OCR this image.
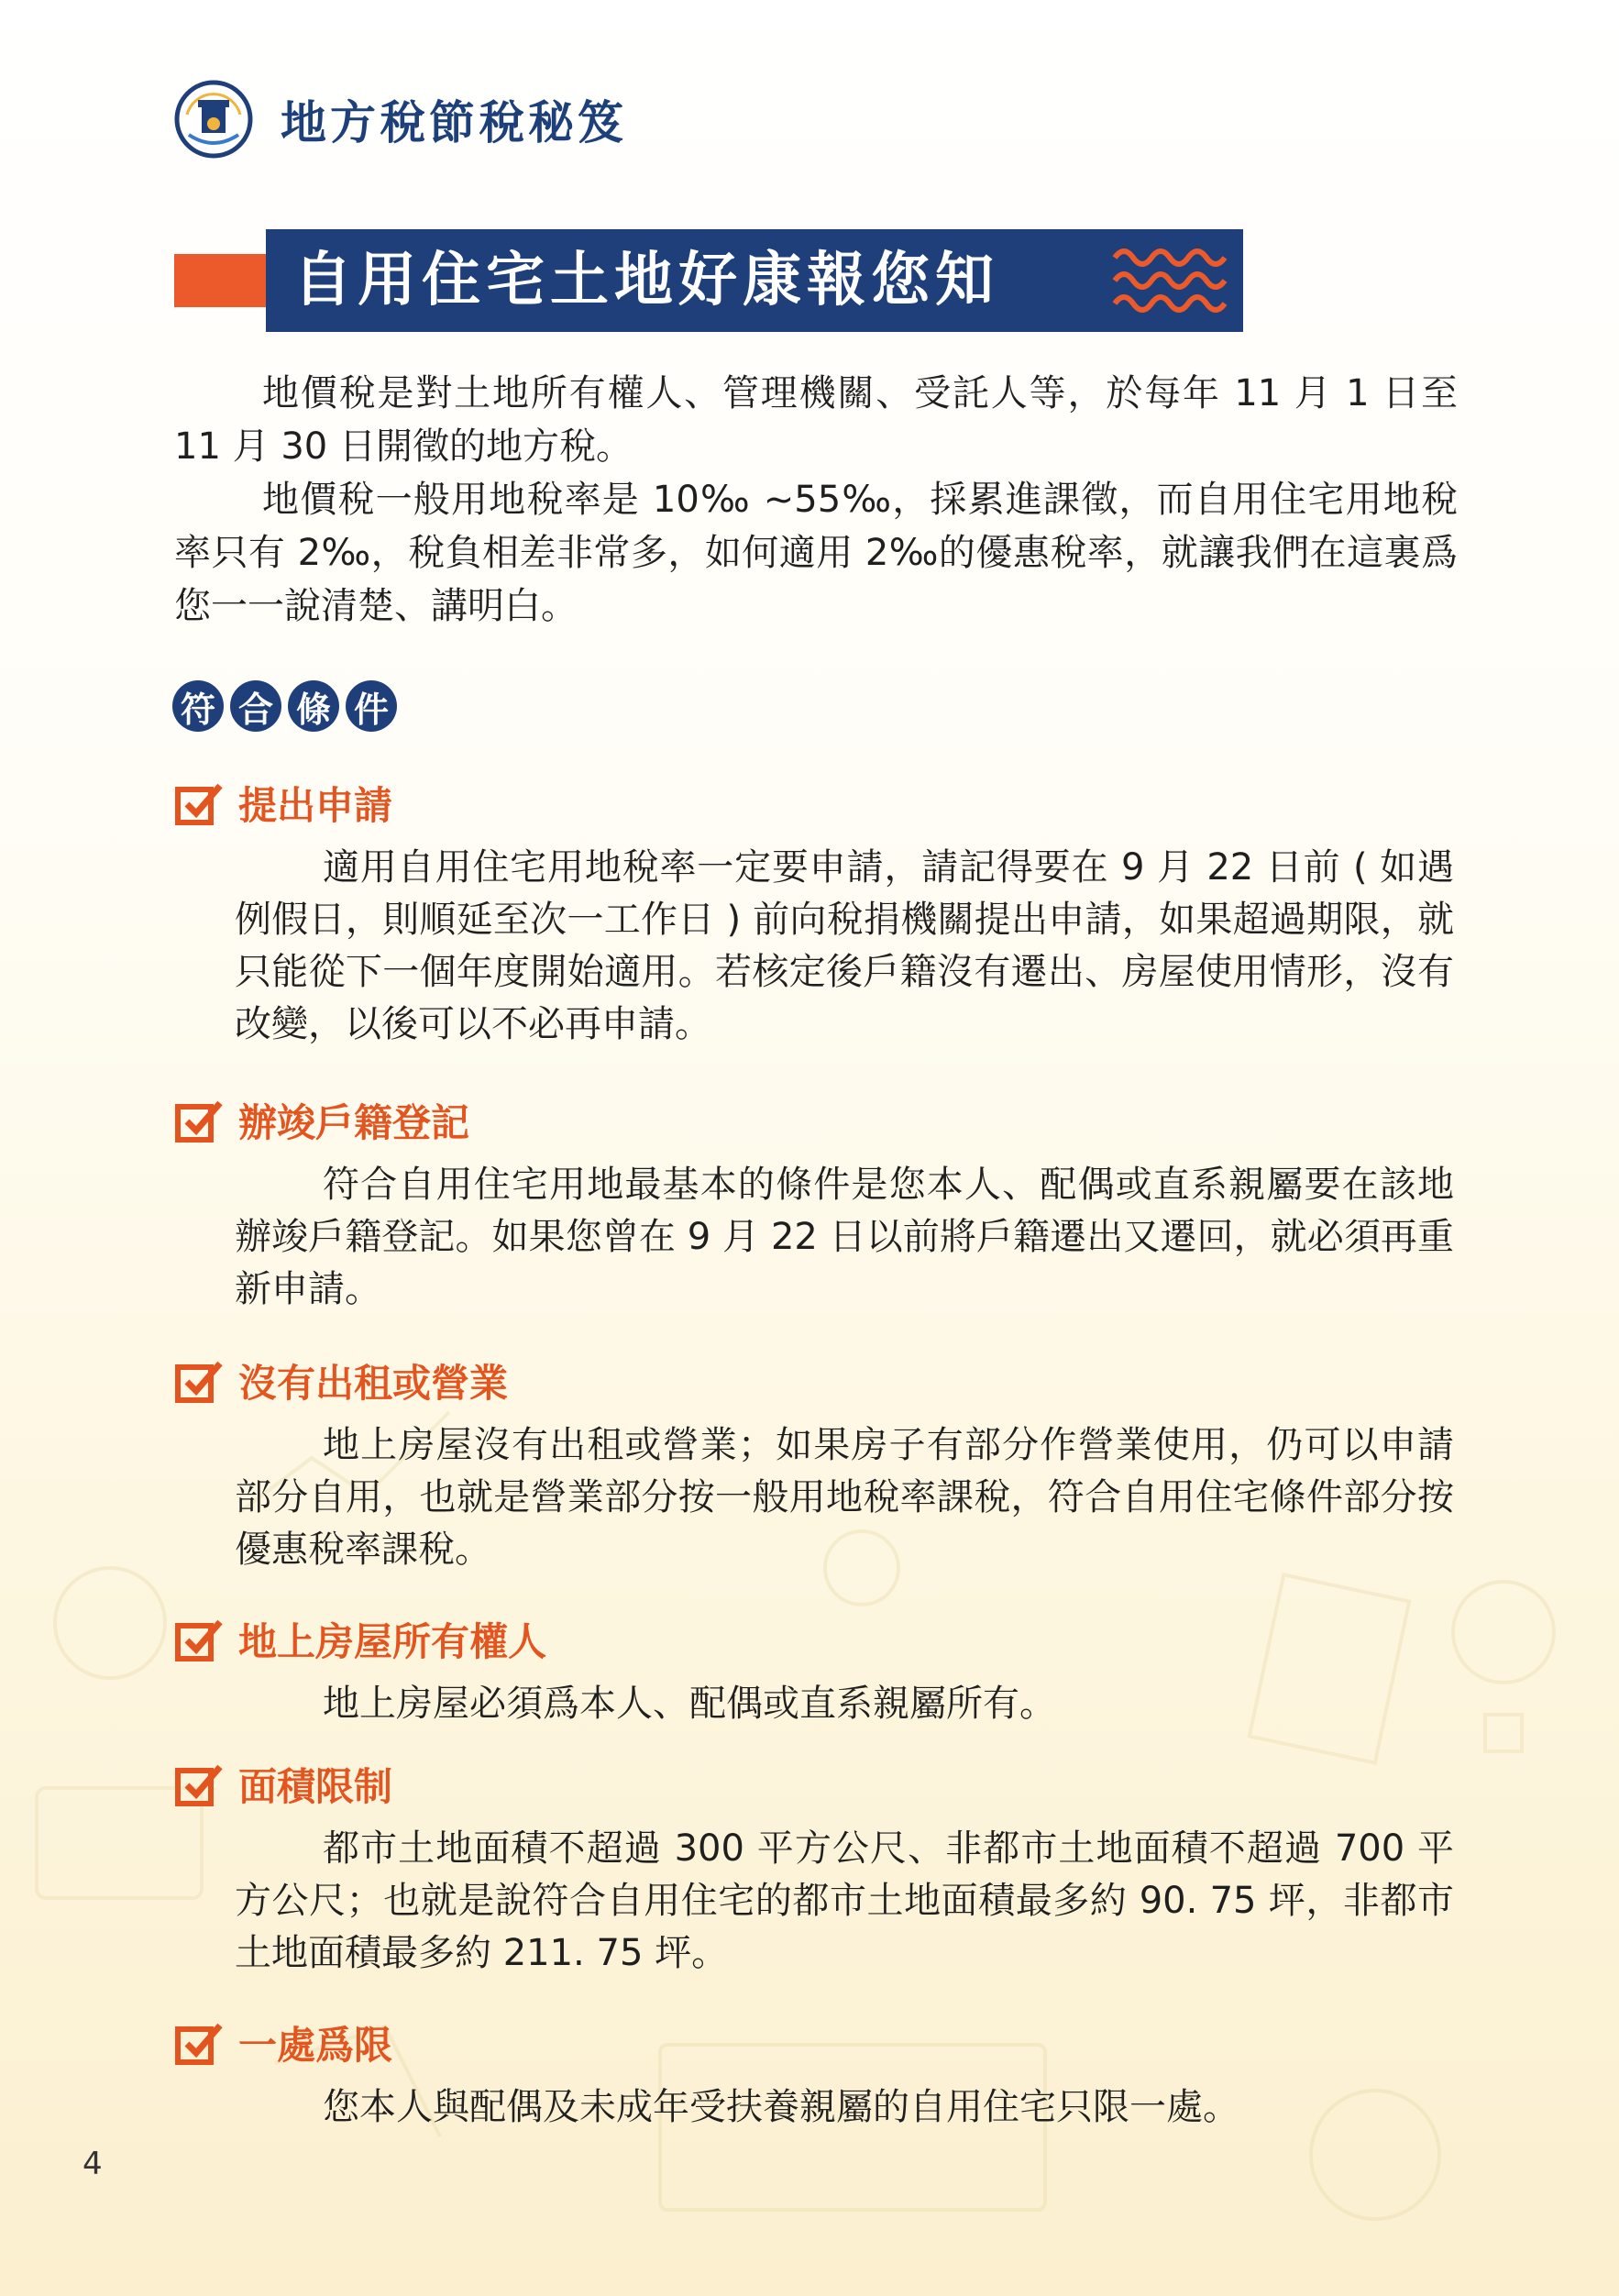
地方稅節稅秘笈
自用住宅土地好康報您知

地價稅是對土地所有權人、管理機關、受託人等，於每年 11 月 1 日至 11 月 30 日開徵的地方稅。

地價稅一般用地稅率是 10‰ ~55‰，採累進課徵，而自用住宅用地稅率只有 2‰，稅負相差非常多，如何適用 2‰的優惠稅率，就讓我們在這裏爲您一一說清楚、講明白。

符 合 條 件
提出申請

適用自用住宅用地稅率一定要申請，請記得要在 9 月 22 日前 ( 如遇例假日，則順延至次一工作日 ) 前向稅捐機關提出申請，如果超過期限，就只能從下一個年度開始適用。若核定後戶籍沒有遷出、房屋使用情形，沒有改變，以後可以不必再申請。

辦竣戶籍登記

符合自用住宅用地最基本的條件是您本人、配偶或直系親屬要在該地辦竣戶籍登記。如果您曾在 9 月 22 日以前將戶籍遷出又遷回，就必須再重新申請。

沒有出租或營業

地上房屋沒有出租或營業；如果房子有部分作營業使用，仍可以申請部分自用，也就是營業部分按一般用地稅率課稅，符合自用住宅條件部分按優惠稅率課稅。

地上房屋所有權人

地上房屋必須爲本人、配偶或直系親屬所有。

面積限制

都市土地面積不超過 300 平方公尺、非都市土地面積不超過 700 平方公尺；也就是說符合自用住宅的都市土地面積最多約 90. 75 坪，非都市土地面積最多約 211. 75 坪。

一處爲限

您本人與配偶及未成年受扶養親屬的自用住宅只限一處。

4
